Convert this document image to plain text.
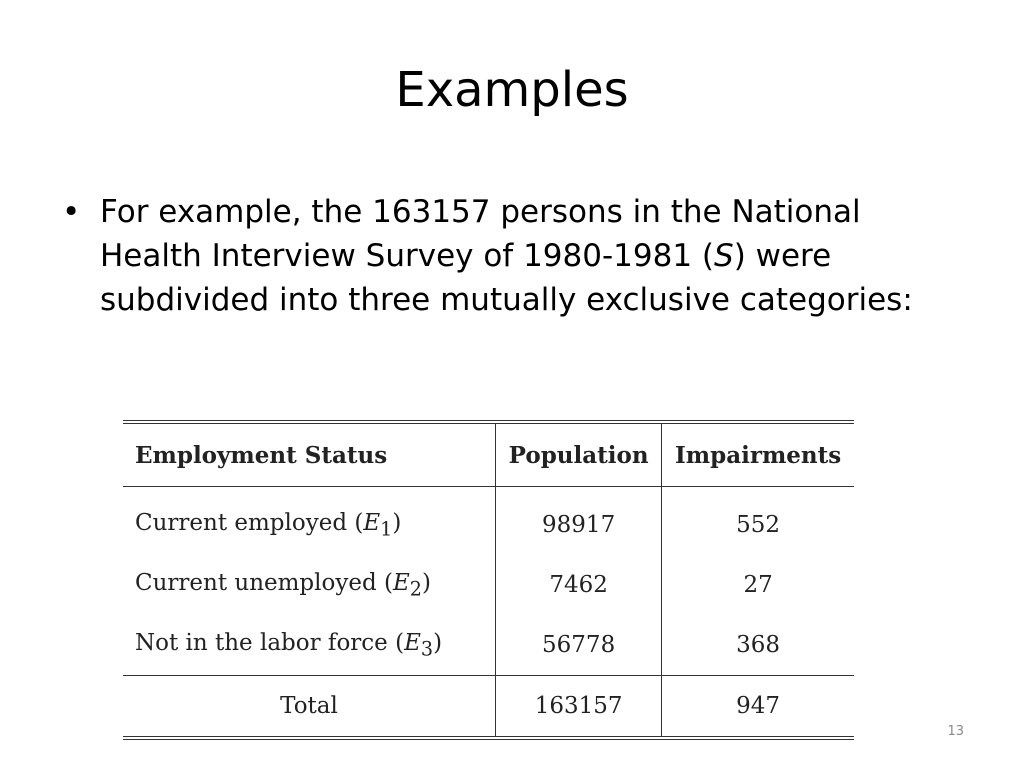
Examples
• For example, the 163157 persons in the National Health Interview Survey of 1980-1981 (S) were subdivided into three mutually exclusive categories:
Employment Status	Population	Impairments
Current employed $(E_1)$	98917	552
Current unemployed $(E_2)$	7462	27
Not in the labor force $(E_3)$	56778	368
Total	163157	947
13
